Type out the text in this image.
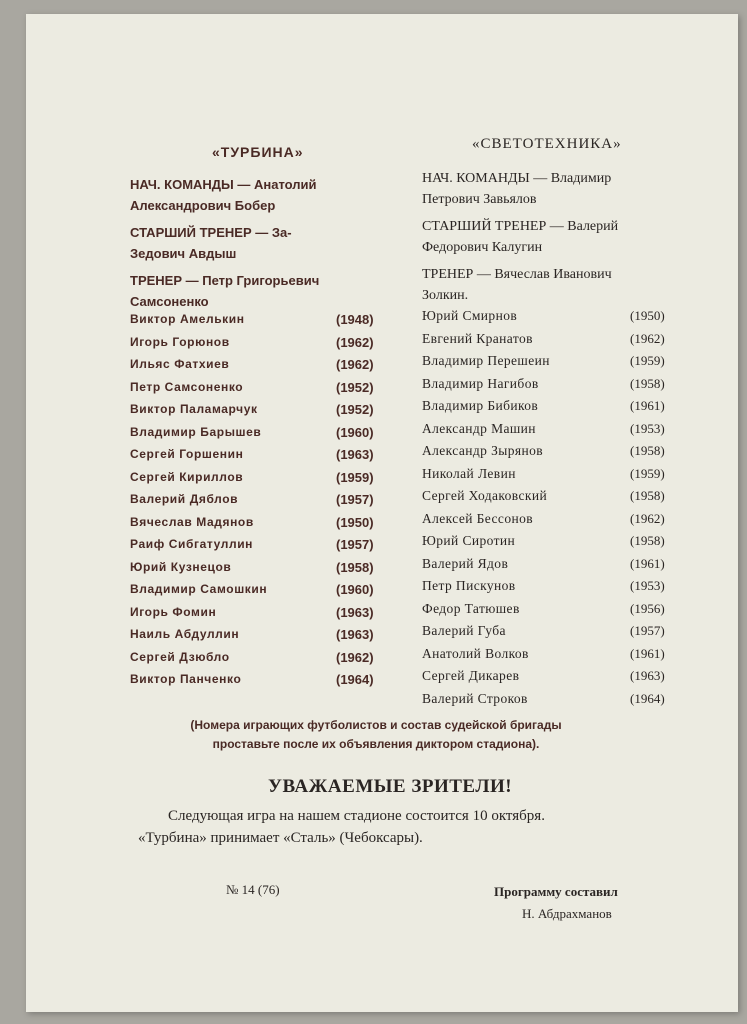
«ТУРБИНА»	«СВЕТОТЕХНИКА»
НАЧ. КОМАНДЫ — Анатолий
Александрович Бобер
СТАРШИЙ ТРЕНЕР — За-
Зедович Авдыш
ТРЕНЕР — Петр Григорьевич
Самсоненко
НАЧ. КОМАНДЫ — Владимир
Петрович Завьялов
СТАРШИЙ ТРЕНЕР — Валерий
Федорович Калугин
ТРЕНЕР — Вячеслав Иванович
Золкин.
Виктор Амелькин	(1948)
Игорь Горюнов	(1962)
Ильяс Фатхиев	(1962)
Петр Самсоненко	(1952)
Виктор Паламарчук	(1952)
Владимир Барышев	(1960)
Сергей Горшенин	(1963)
Сергей Кириллов	(1959)
Валерий Дяблов	(1957)
Вячеслав Мадянов	(1950)
Раиф Сибгатуллин	(1957)
Юрий Кузнецов	(1958)
Владимир Самошкин	(1960)
Игорь Фомин	(1963)
Наиль Абдуллин	(1963)
Сергей Дзюбло	(1962)
Виктор Панченко	(1964)
Юрий Смирнов	(1950)
Евгений Кранатов	(1962)
Владимир Перешеин	(1959)
Владимир Нагибов	(1958)
Владимир Бибиков	(1961)
Александр Машин	(1953)
Александр Зырянов	(1958)
Николай Левин	(1959)
Сергей Ходаковский	(1958)
Алексей Бессонов	(1962)
Юрий Сиротин	(1958)
Валерий Ядов	(1961)
Петр Пискунов	(1953)
Федор Татюшев	(1956)
Валерий Губа	(1957)
Анатолий Волков	(1961)
Сергей Дикарев	(1963)
Валерий Строков	(1964)
(Номера играющих футболистов и состав судейской бригады
проставьте после их объявления диктором стадиона).
УВАЖАЕМЫЕ ЗРИТЕЛИ!
Следующая игра на нашем стадионе состоится 10 октября.
«Турбина» принимает «Сталь» (Чебоксары).
№ 14 (76)	Программу составил
Н. Абдрахманов
